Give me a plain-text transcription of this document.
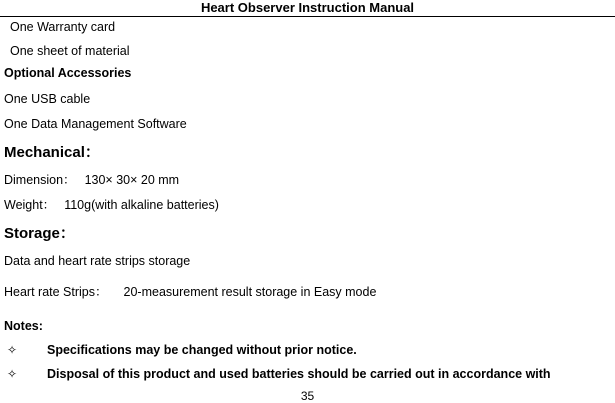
Heart Observer Instruction Manual
One Warranty card
One sheet of material
Optional Accessories
One USB cable
One Data Management Software
Mechanical：
Dimension： 130× 30× 20 mm
Weight： 110g(with alkaline batteries)
Storage：
Data and heart rate strips storage
Heart rate Strips： 20-measurement result storage in Easy mode
Notes:
✧ Specifications may be changed without prior notice.
✧ Disposal of this product and used batteries should be carried out in accordance with
35
